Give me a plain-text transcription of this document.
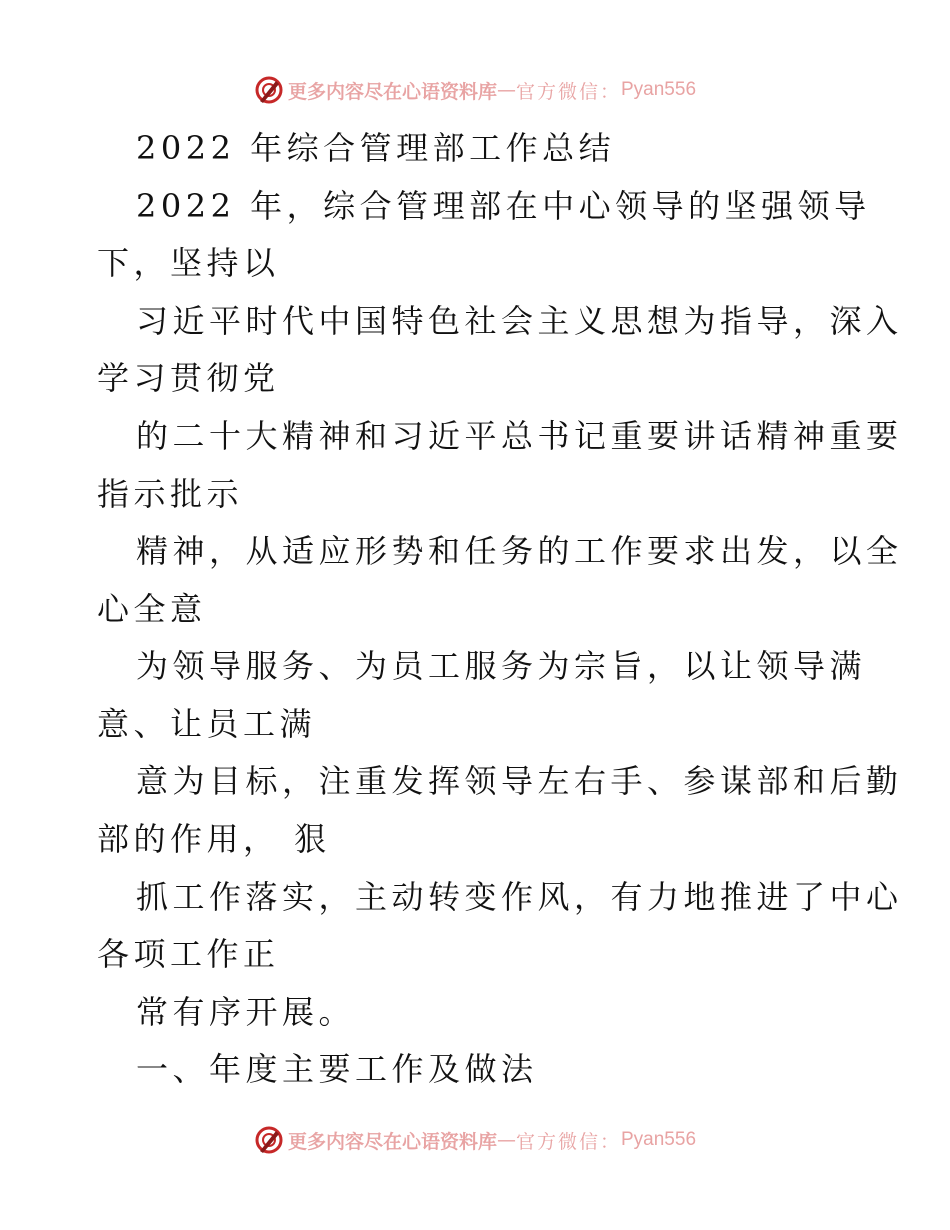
更多内容尽在心语资料库 — 官方微信： Pyan556
2022 年综合管理部工作总结
2022 年，综合管理部在中心领导的坚强领导
下，坚持以
习近平时代中国特色社会主义思想为指导，深入
学习贯彻党
的二十大精神和习近平总书记重要讲话精神重要
指示批示
精神，从适应形势和任务的工作要求出发，以全
心全意
为领导服务、为员工服务为宗旨，以让领导满
意、让员工满
意为目标，注重发挥领导左右手、参谋部和后勤
部的作用， 狠
抓工作落实，主动转变作风，有力地推进了中心
各项工作正
常有序开展。
一、年度主要工作及做法
更多内容尽在心语资料库 — 官方微信： Pyan556
